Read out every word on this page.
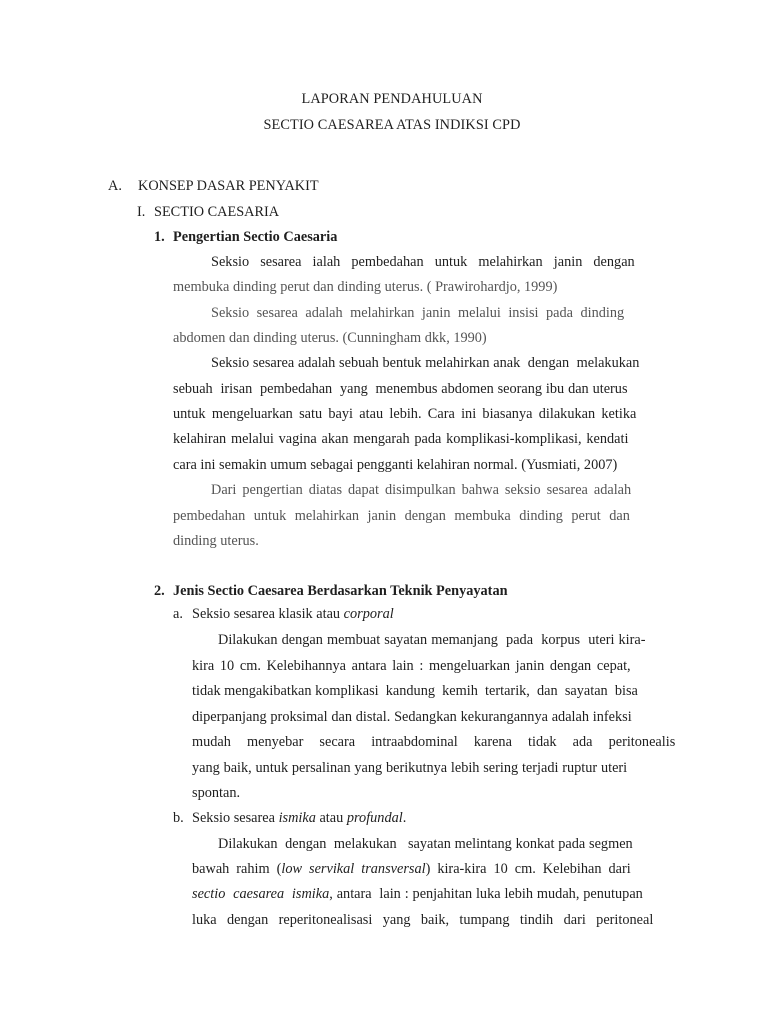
LAPORAN PENDAHULUAN

SECTIO CAESAREA ATAS INDIKSI CPD

A. KONSEP DASAR PENYAKIT

I. SECTIO CAESARIA

1. Pengertian Sectio Caesaria

Seksio sesarea ialah pembedahan untuk melahirkan janin dengan
membuka dinding perut dan dinding uterus. ( Prawirohardjo, 1999)
Seksio sesarea adalah melahirkan janin melalui insisi pada dinding
abdomen dan dinding uterus. (Cunningham dkk, 1990)
Seksio sesarea adalah sebuah bentuk melahirkan anak  dengan  melakukan
sebuah  irisan  pembedahan  yang  menembus abdomen seorang ibu dan uterus
untuk mengeluarkan satu bayi atau lebih. Cara ini biasanya dilakukan ketika
kelahiran melalui vagina akan mengarah pada komplikasi-komplikasi, kendati
cara ini semakin umum sebagai pengganti kelahiran normal.
(Yusmiati, 2007)
Dari pengertian diatas dapat disimpulkan bahwa seksio sesarea adalah
pembedahan untuk melahirkan janin dengan membuka dinding perut dan
dinding uterus.

2. Jenis Sectio Caesarea Berdasarkan Teknik Penyayatan

a. Seksio sesarea klasik atau corporal

Dilakukan dengan membuat sayatan memanjang  pada  korpus  uteri kira-
kira 10 cm. Kelebihannya antara lain : mengeluarkan janin dengan cepat,
tidak mengakibatkan komplikasi  kandung  kemih  tertarik,  dan  sayatan  bisa
diperpanjang proksimal dan distal. Sedangkan kekurangannya adalah infeksi
mudah menyebar secara intraabdominal karena tidak ada peritonealis
yang baik, untuk persalinan yang berikutnya lebih sering terjadi ruptur uteri
spontan.

b. Seksio sesarea ismika atau profundal.

Dilakukan  dengan  melakukan   sayatan melintang konkat pada segmen
bawah rahim (low servikal transversal) kira-kira 10 cm. Kelebihan dari
sectio  caesarea  ismika, antara  lain : penjahitan luka lebih mudah, penutupan
luka dengan reperitonealisasi yang baik, tumpang tindih dari peritoneal
